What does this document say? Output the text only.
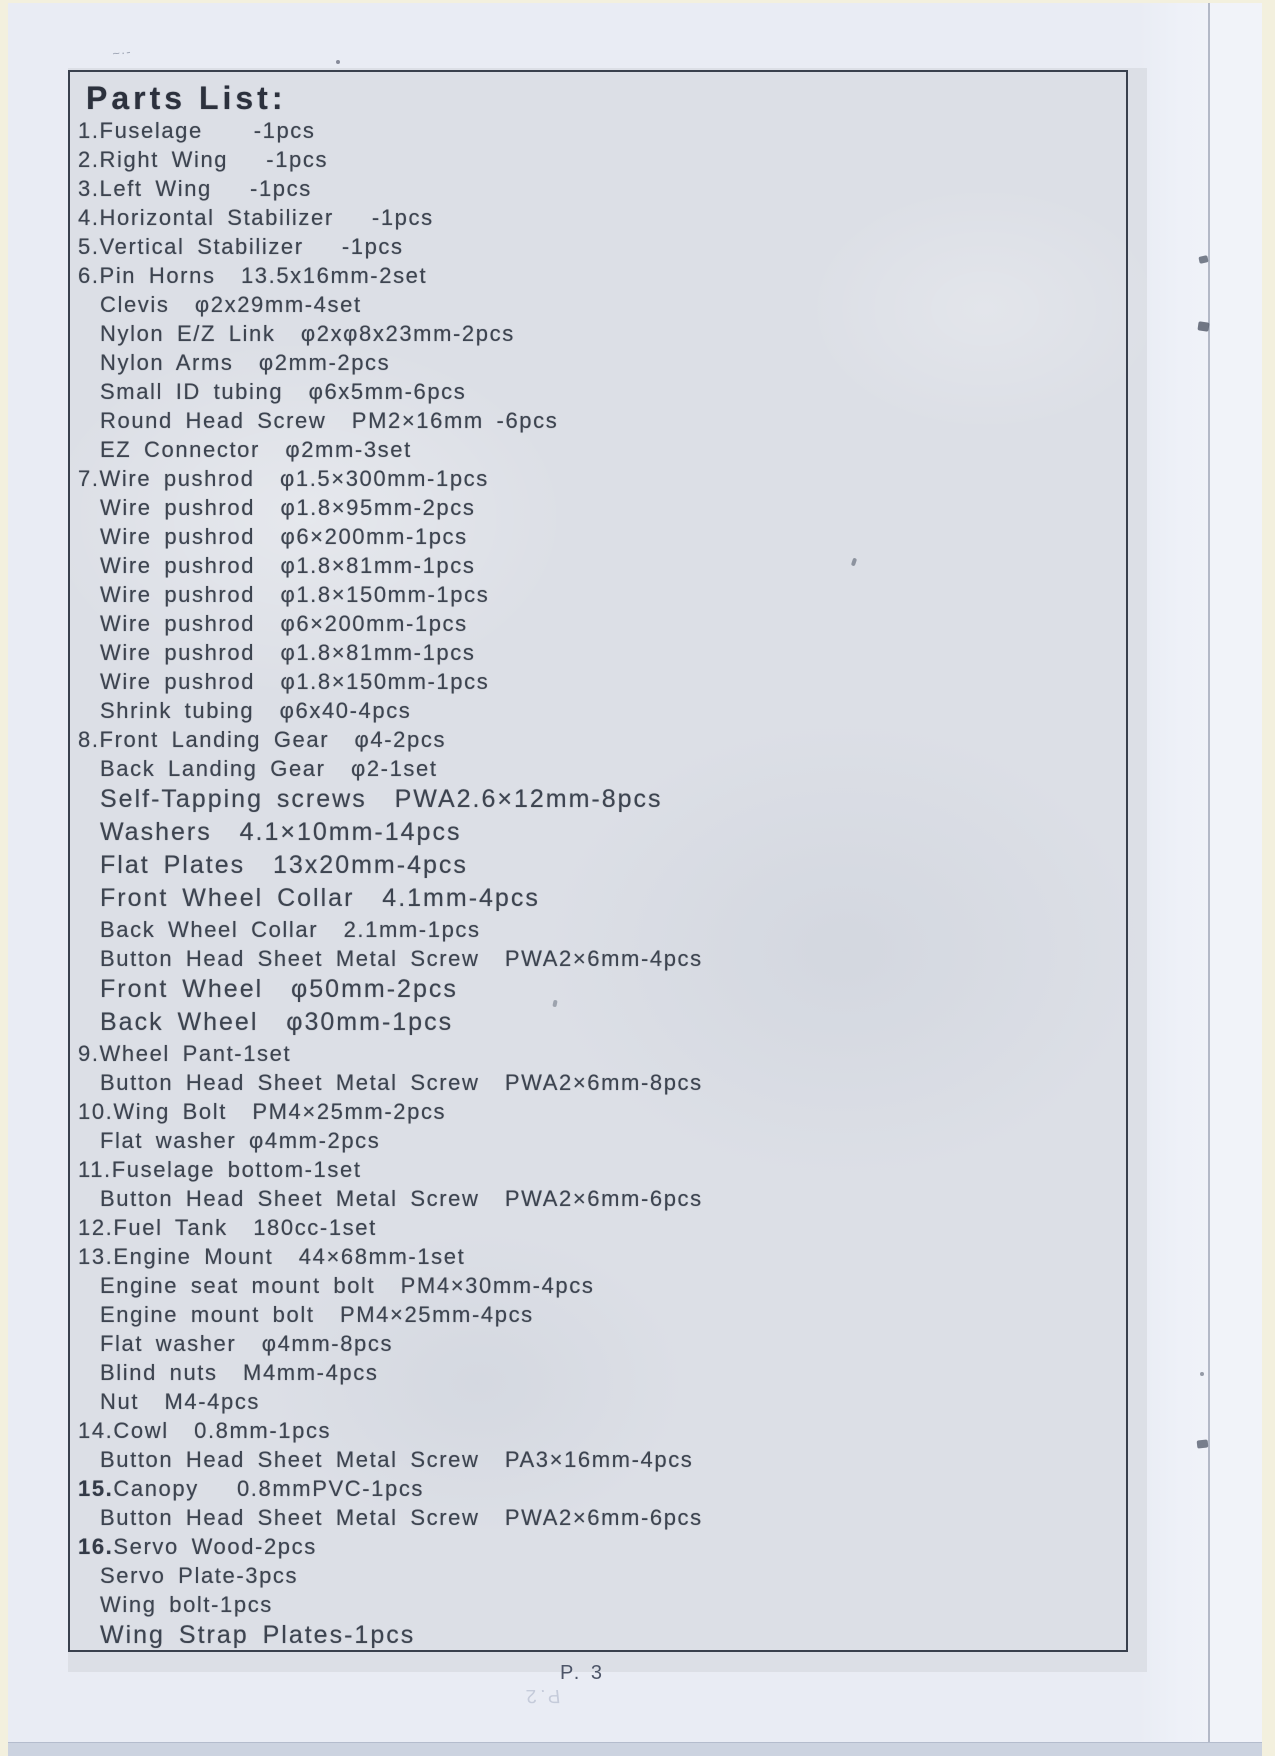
Parts List:
1.Fuselage    -1pcs
2.Right Wing   -1pcs
3.Left Wing   -1pcs
4.Horizontal Stabilizer   -1pcs
5.Vertical Stabilizer   -1pcs
6.Pin Horns  13.5x16mm-2set
Clevis  φ2x29mm-4set
Nylon E/Z Link  φ2xφ8x23mm-2pcs
Nylon Arms  φ2mm-2pcs
Small ID tubing  φ6x5mm-6pcs
Round Head Screw  PM2×16mm -6pcs
EZ Connector  φ2mm-3set
7.Wire pushrod  φ1.5×300mm-1pcs
Wire pushrod  φ1.8×95mm-2pcs
Wire pushrod  φ6×200mm-1pcs
Wire pushrod  φ1.8×81mm-1pcs
Wire pushrod  φ1.8×150mm-1pcs
Wire pushrod  φ6×200mm-1pcs
Wire pushrod  φ1.8×81mm-1pcs
Wire pushrod  φ1.8×150mm-1pcs
Shrink tubing  φ6x40-4pcs
8.Front Landing Gear  φ4-2pcs
Back Landing Gear  φ2-1set
Self-Tapping screws  PWA2.6×12mm-8pcs
Washers  4.1×10mm-14pcs
Flat Plates  13x20mm-4pcs
Front Wheel Collar  4.1mm-4pcs
Back Wheel Collar  2.1mm-1pcs
Button Head Sheet Metal Screw  PWA2×6mm-4pcs
Front Wheel  φ50mm-2pcs
Back Wheel  φ30mm-1pcs
9.Wheel Pant-1set
Button Head Sheet Metal Screw  PWA2×6mm-8pcs
10.Wing Bolt  PM4×25mm-2pcs
Flat washer φ4mm-2pcs
11.Fuselage bottom-1set
Button Head Sheet Metal Screw  PWA2×6mm-6pcs
12.Fuel Tank  180cc-1set
13.Engine Mount  44×68mm-1set
Engine seat mount bolt  PM4×30mm-4pcs
Engine mount bolt  PM4×25mm-4pcs
Flat washer  φ4mm-8pcs
Blind nuts  M4mm-4pcs
Nut  M4-4pcs
14.Cowl  0.8mm-1pcs
Button Head Sheet Metal Screw  PA3×16mm-4pcs
15.Canopy   0.8mmPVC-1pcs
Button Head Sheet Metal Screw  PWA2×6mm-6pcs
16.Servo Wood-2pcs
Servo Plate-3pcs
Wing bolt-1pcs
Wing Strap Plates-1pcs
P. 3
P.2
~·-
